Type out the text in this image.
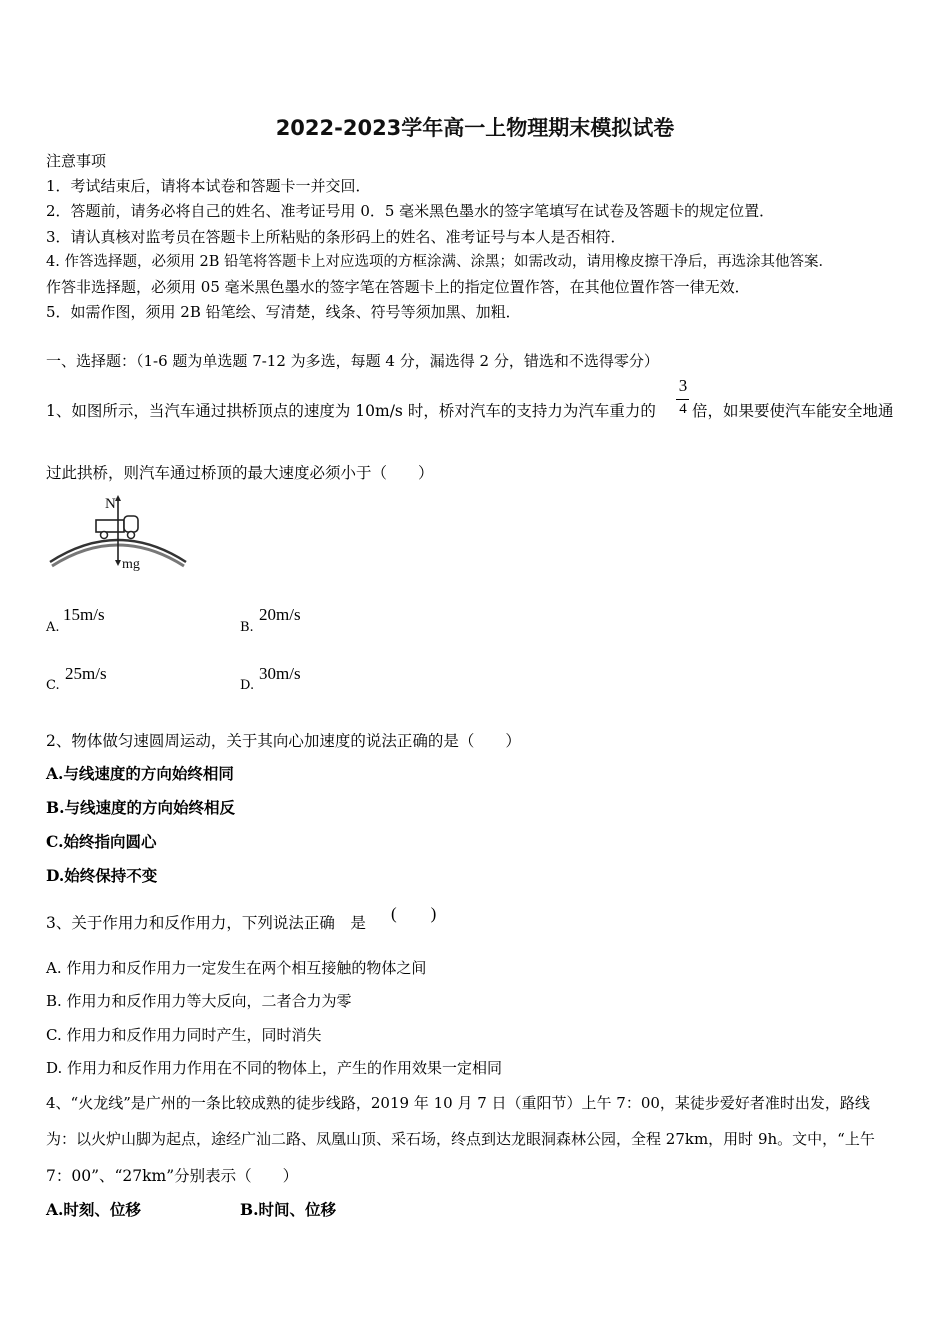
2022-2023学年高一上物理期末模拟试卷
注意事项
1．考试结束后，请将本试卷和答题卡一并交回．
2．答题前，请务必将自己的姓名、准考证号用 0．5 毫米黑色墨水的签字笔填写在试卷及答题卡的规定位置．
3．请认真核对监考员在答题卡上所粘贴的条形码上的姓名、准考证号与本人是否相符．
4. 作答选择题，必须用 2B 铅笔将答题卡上对应选项的方框涂满、涂黑；如需改动，请用橡皮擦干净后，再选涂其他答案．
作答非选择题，必须用 05 毫米黑色墨水的签字笔在答题卡上的指定位置作答，在其他位置作答一律无效．
5．如需作图，须用 2B 铅笔绘、写清楚，线条、符号等须加黑、加粗．
一、选择题：（1-6 题为单选题 7-12 为多选，每题 4 分，漏选得 2 分，错选和不选得零分）
1、如图所示，当汽车通过拱桥顶点的速度为 10m/s 时，桥对汽车的支持力为汽车重力的
3
4 倍，如果要使汽车能安全地通
过此拱桥，则汽车通过桥顶的最大速度必须小于（　　）
N
mg
A.
15m/s
B.
20m/s
C.
25m/s
D.
30m/s
2、物体做匀速圆周运动，关于其向心加速度的说法正确的是（　　）
A.与线速度的方向始终相同
B.与线速度的方向始终相反
C.始终指向圆心
D.始终保持不变
3、关于作用力和反作用力，下列说法正确　是 (　　)
A. 作用力和反作用力一定发生在两个相互接触的物体之间
B. 作用力和反作用力等大反向，二者合力为零
C. 作用力和反作用力同时产生，同时消失
D. 作用力和反作用力作用在不同的物体上，产生的作用效果一定相同
4、“火龙线”是广州的一条比较成熟的徒步线路，2019 年 10 月 7 日（重阳节）上午 7：00，某徒步爱好者准时出发，路线
为：以火炉山脚为起点，途经广汕二路、凤凰山顶、采石场，终点到达龙眼洞森林公园，全程 27km，用时 9h。文中，“上午
7：00”、“27km”分别表示（　　）
A.时刻、位移	B.时间、位移
